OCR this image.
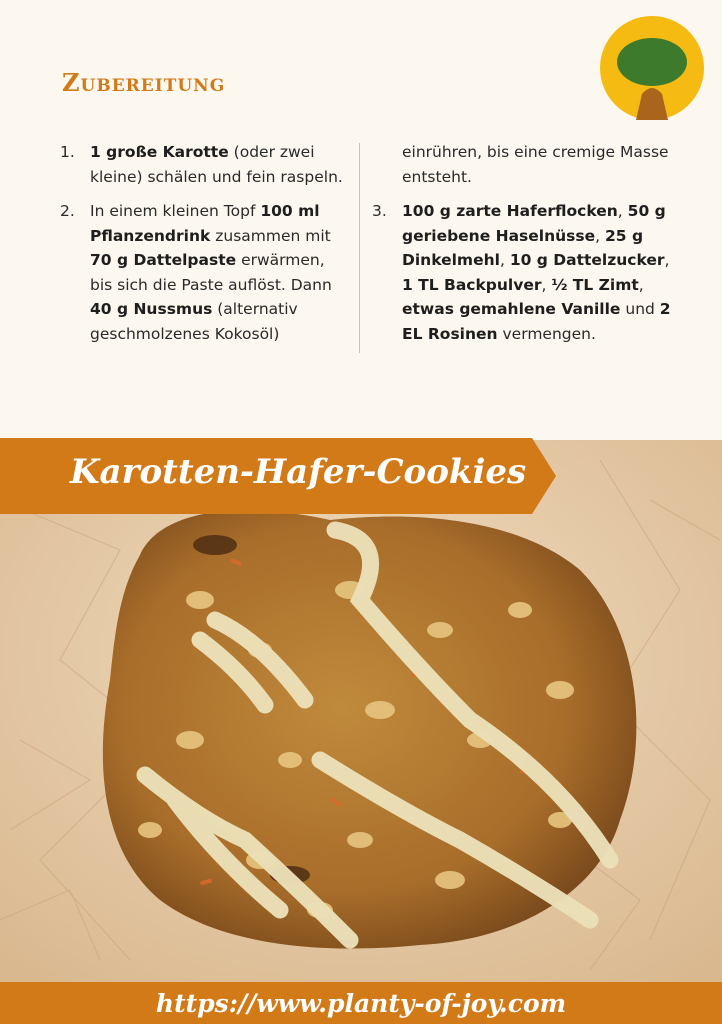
Zubereitung
1. 1 große Karotte (oder zwei kleine) schälen und fein raspeln.
2. In einem kleinen Topf 100 ml Pflanzendrink zusammen mit 70 g Dattelpaste erwärmen, bis sich die Paste auflöst. Dann 40 g Nussmus (alternativ geschmolzenes Kokosöl)
einrühren, bis eine cremige Masse entsteht.
3. 100 g zarte Haferflocken, 50 g geriebene Haselnüsse, 25 g Dinkelmehl, 10 g Dattelzucker, 1 TL Backpulver, ½ TL Zimt, etwas gemahlene Vanille und 2 EL Rosinen vermengen.
Karotten-Hafer-Cookies
https://www.planty-of-joy.com
